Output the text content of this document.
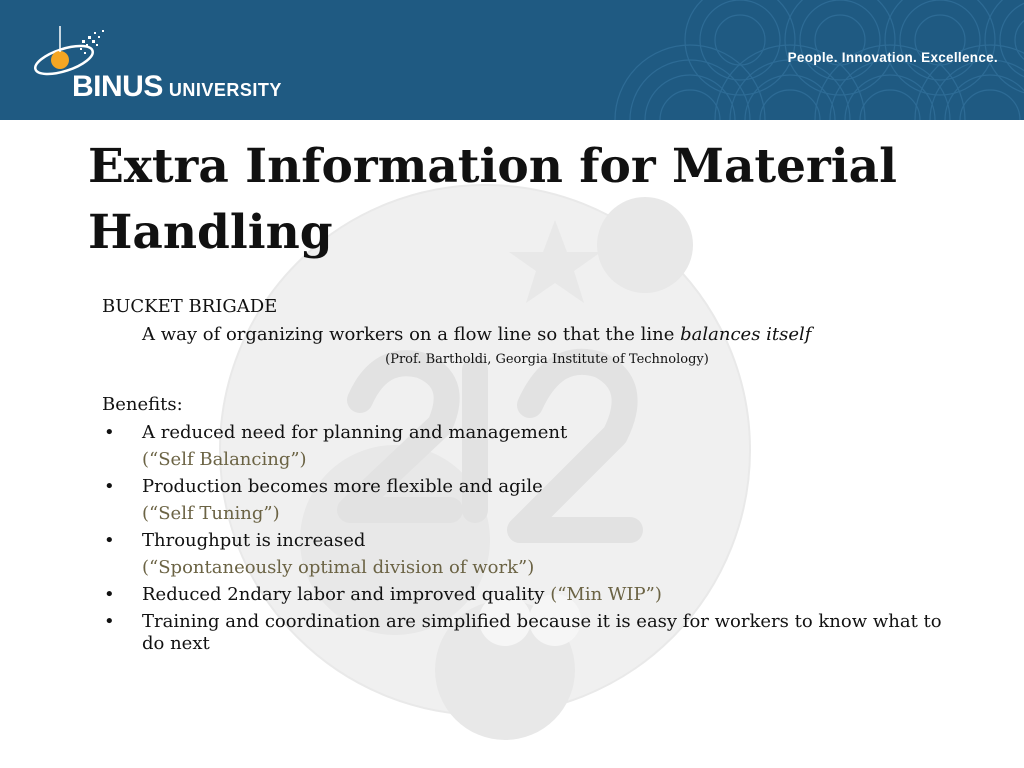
BINUS UNIVERSITY
People. Innovation. Excellence.
Extra Information for Material Handling

BUCKET BRIGADE

A way of organizing workers on a flow line so that the line balances itself

(Prof. Bartholdi, Georgia Institute of Technology)

Benefits:

• A reduced need for planning and management
(“Self Balancing”)
• Production becomes more flexible and agile
(“Self Tuning”)
• Throughput is increased
(“Spontaneously optimal division of work”)
• Reduced 2ndary labor and improved quality (“Min WIP”)
• Training and coordination are simplified because it is easy for workers to know what to do next
